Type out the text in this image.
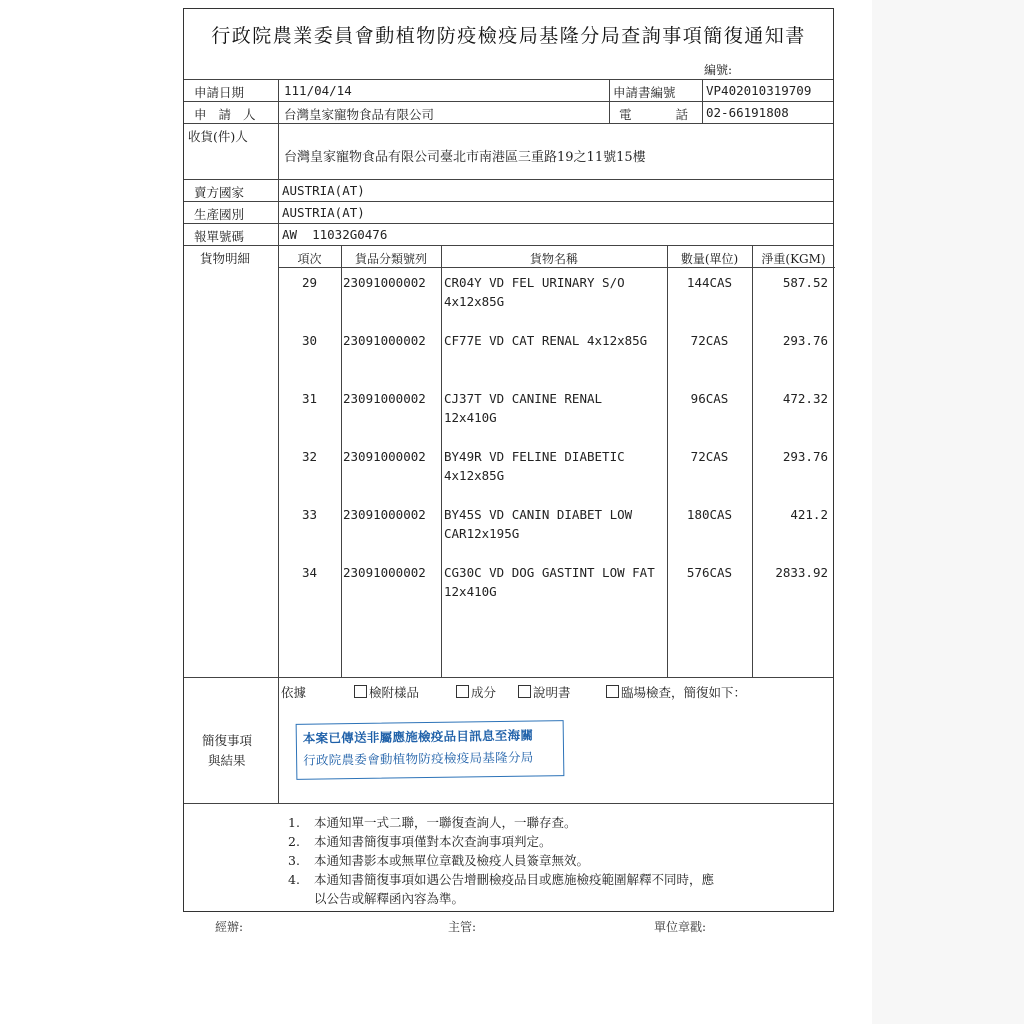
行政院農業委員會動植物防疫檢疫局基隆分局查詢事項簡復通知書
編號:
申請日期	111/04/14	申請書編號 VP402010319709
申 請 人 台灣皇家寵物食品有限公司	電 話 02-66191808
收貨(件)人
台灣皇家寵物食品有限公司臺北市南港區三重路19之11號15樓
賣方國家	AUSTRIA(AT)
生產國別	AUSTRIA(AT)
報單號碼	AW  11032G0476
貨物明細	項次	貨品分類號列	貨物名稱	數量(單位)	淨重(KGM)
29	23091000002	CR04Y VD FEL URINARY S/O	144CAS	587.52
4x12x85G
30	23091000002	CF77E VD CAT RENAL 4x12x85G	72CAS	293.76
31	23091000002	CJ37T VD CANINE RENAL	96CAS	472.32
12x410G
32	23091000002	BY49R VD FELINE DIABETIC	72CAS	293.76
4x12x85G
33	23091000002	BY45S VD CANIN DIABET LOW	180CAS	421.2
CAR12x195G
34	23091000002	CG30C VD DOG GASTINT LOW FAT	576CAS	2833.92
12x410G
簡復事項
與結果
依據	檢附樣品	成分	說明書	臨場檢查，簡復如下：
本案已傳送非屬應施檢疫品目訊息至海關
行政院農委會動植物防疫檢疫局基隆分局
1. 本通知單一式二聯，一聯復查詢人，一聯存查。
2. 本通知書簡復事項僅對本次查詢事項判定。
3. 本通知書影本或無單位章戳及檢疫人員簽章無效。
4. 本通知書簡復事項如遇公告增刪檢疫品目或應施檢疫範圍解釋不同時，應
以公告或解釋函內容為準。
經辦:	主管:	單位章戳:
